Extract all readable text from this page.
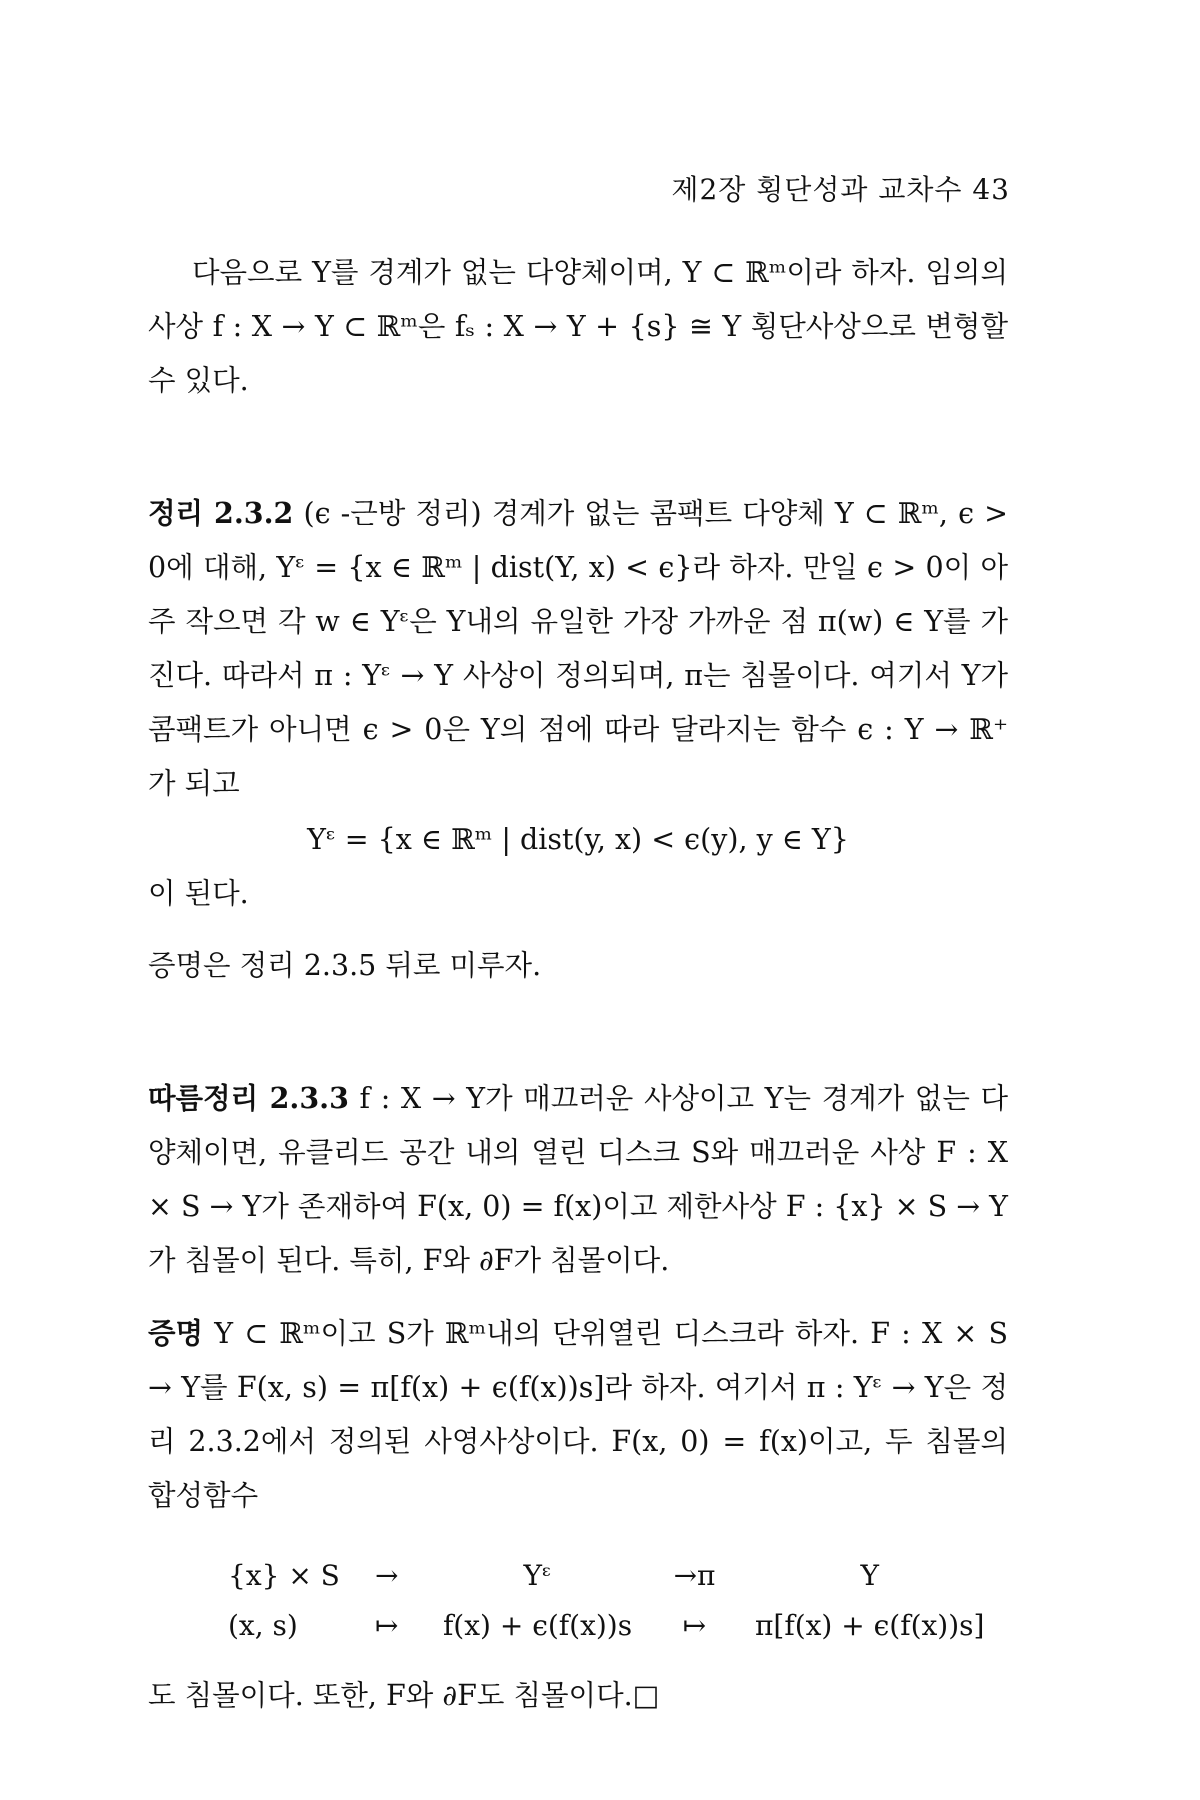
제2장 횡단성과 교차수 43

다음으로 Y를 경계가 없는 다양체이며, Y ⊂ ℝᵐ이라 하자. 임의의 사상 f : X → Y ⊂ ℝᵐ은 fₛ : X → Y + {s} ≅ Y 횡단사상으로 변형할 수 있다.

정리 2.3.2 (ϵ -근방 정리) 경계가 없는 콤팩트 다양체 Y ⊂ ℝᵐ, ϵ > 0에 대해, Yᵋ = {x ∈ ℝᵐ | dist(Y, x) < ϵ}라 하자. 만일 ϵ > 0이 아주 작으면 각 w ∈ Yᵋ은 Y내의 유일한 가장 가까운 점 π(w) ∈ Y를 가진다. 따라서 π : Yᵋ → Y 사상이 정의되며, π는 침몰이다. 여기서 Y가 콤팩트가 아니면 ϵ > 0은 Y의 점에 따라 달라지는 함수 ϵ : Y → ℝ⁺가 되고

Yᵋ = {x ∈ ℝᵐ | dist(y, x) < ϵ(y), y ∈ Y}

이 된다.

증명은 정리 2.3.5 뒤로 미루자.

따름정리 2.3.3 f : X → Y가 매끄러운 사상이고 Y는 경계가 없는 다양체이면, 유클리드 공간 내의 열린 디스크 S와 매끄러운 사상 F : X × S → Y가 존재하여 F(x, 0) = f(x)이고 제한사상 F : {x} × S → Y가 침몰이 된다. 특히, F와 ∂F가 침몰이다.

증명 Y ⊂ ℝᵐ이고 S가 ℝᵐ내의 단위열린 디스크라 하자. F : X × S → Y를 F(x, s) = π[f(x) + ϵ(f(x))s]라 하자. 여기서 π : Yᵋ → Y은 정리 2.3.2에서 정의된 사영사상이다. F(x, 0) = f(x)이고, 두 침몰의 합성함수

{x} × S	→	Yᵋ	→π	Y
(x, s)	↦	f(x) + ϵ(f(x))s	↦	π[f(x) + ϵ(f(x))s]

도 침몰이다. 또한, F와 ∂F도 침몰이다.□
